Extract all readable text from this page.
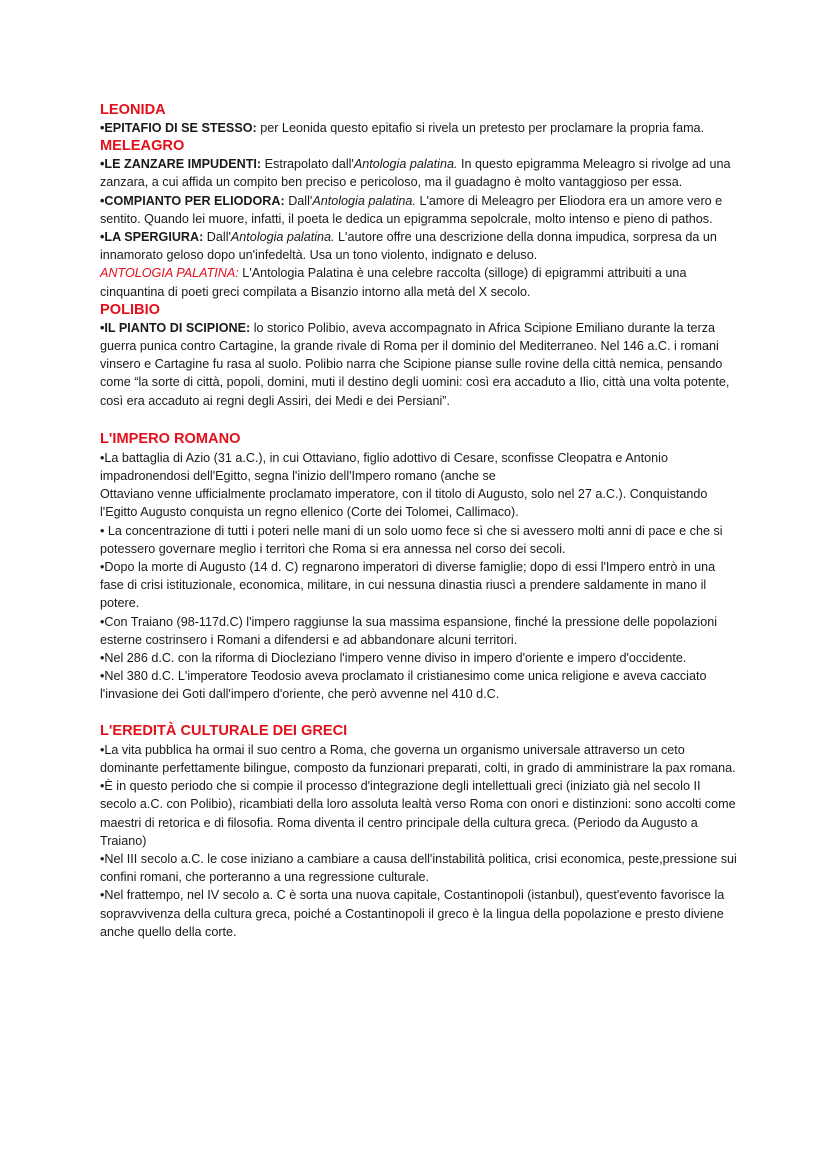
LEONIDA

•EPITAFIO DI SE STESSO: per Leonida questo epitafio si rivela un pretesto per proclamare la propria fama.

MELEAGRO

•LE ZANZARE IMPUDENTI: Estrapolato dall'Antologia palatina. In questo epigramma Meleagro si rivolge ad una zanzara, a cui affida un compito ben preciso e pericoloso, ma il guadagno è molto vantaggioso per essa.

•COMPIANTO PER ELIODORA: Dall'Antologia palatina. L'amore di Meleagro per Eliodora era un amore vero e sentito. Quando lei muore, infatti, il poeta le dedica un epigramma sepolcrale, molto intenso e pieno di pathos.

•LA SPERGIURA: Dall'Antologia palatina. L'autore offre una descrizione della donna impudica, sorpresa da un innamorato geloso dopo un'infedeltà. Usa un tono violento, indignato e deluso.

ANTOLOGIA PALATINA: L'Antologia Palatina è una celebre raccolta (silloge) di epigrammi attribuiti a una cinquantina di poeti greci compilata a Bisanzio intorno alla metà del X secolo.

POLIBIO

•IL PIANTO DI SCIPIONE: lo storico Polibio, aveva accompagnato in Africa Scipione Emiliano durante la terza guerra punica contro Cartagine, la grande rivale di Roma per il dominio del Mediterraneo. Nel 146 a.C. i romani vinsero e Cartagine fu rasa al suolo. Polibio narra che Scipione pianse sulle rovine della città nemica, pensando come “la sorte di città, popoli, domini, muti il destino degli uomini: così era accaduto a Ilio, città una volta potente, così era accaduto ai regni degli Assiri, dei Medi e dei Persiani”.

L'IMPERO ROMANO

•La battaglia di Azio (31 a.C.), in cui Ottaviano, figlio adottivo di Cesare, sconfisse Cleopatra e Antonio impadronendosi dell'Egitto, segna l'inizio dell'Impero romano (anche se

Ottaviano venne ufficialmente proclamato imperatore, con il titolo di Augusto, solo nel 27 a.C.). Conquistando l'Egitto Augusto conquista un regno ellenico (Corte dei Tolomei, Callimaco).

• La concentrazione di tutti i poteri nelle mani di un solo uomo fece sì che si avessero molti anni di pace e che si potessero governare meglio i territori che Roma si era annessa nel corso dei secoli.

•Dopo la morte di Augusto (14 d. C) regnarono imperatori di diverse famiglie; dopo di essi l'Impero entrò in una fase di crisi istituzionale, economica, militare, in cui nessuna dinastia riuscì a prendere saldamente in mano il potere.

•Con Traiano (98-117d.C) l'impero raggiunse la sua massima espansione, finché la pressione delle popolazioni esterne costrinsero i Romani a difendersi e ad abbandonare alcuni territori.

•Nel 286 d.C. con la riforma di Diocleziano l'impero venne diviso in impero d'oriente e impero d'occidente.

•Nel 380 d.C. L'imperatore Teodosio aveva proclamato il cristianesimo come unica religione e aveva cacciato l'invasione dei Goti dall'impero d'oriente, che però avvenne nel 410 d.C.

L'EREDITÀ CULTURALE DEI GRECI

•La vita pubblica ha ormai il suo centro a Roma, che governa un organismo universale attraverso un ceto dominante perfettamente bilingue, composto da funzionari preparati, colti, in grado di amministrare la pax romana.

•È in questo periodo che si compie il processo d'integrazione degli intellettuali greci (iniziato già nel secolo II secolo a.C. con Polibio), ricambiati della loro assoluta lealtà verso Roma con onori e distinzioni: sono accolti come maestri di retorica e di filosofia. Roma diventa il centro principale della cultura greca. (Periodo da Augusto a Traiano)

•Nel III secolo a.C. le cose iniziano a cambiare a causa dell'instabilità politica, crisi economica, peste,pressione sui confini romani, che porteranno a una regressione culturale.

•Nel frattempo, nel IV secolo a. C è sorta una nuova capitale, Costantinopoli (istanbul), quest'evento favorisce la sopravvivenza della cultura greca, poiché a Costantinopoli il greco è la lingua della popolazione e presto diviene anche quello della corte.
